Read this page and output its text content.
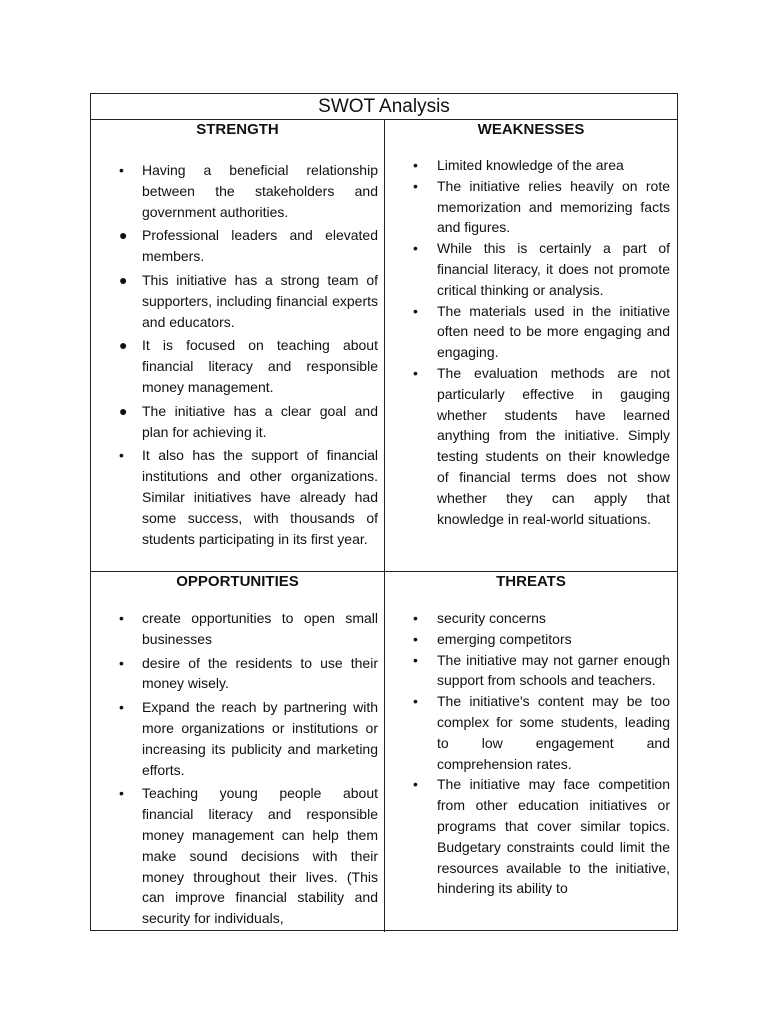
SWOT Analysis
STRENGTH
• Having a beneficial relationship between the stakeholders and government authorities.
● Professional leaders and elevated members.
● This initiative has a strong team of supporters, including financial experts and educators.
● It is focused on teaching about financial literacy and responsible money management.
● The initiative has a clear goal and plan for achieving it.
• It also has the support of financial institutions and other organizations. Similar initiatives have already had some success, with thousands of students participating in its first year.
WEAKNESSES
• Limited knowledge of the area
• The initiative relies heavily on rote memorization and memorizing facts and figures.
• While this is certainly a part of financial literacy, it does not promote critical thinking or analysis.
• The materials used in the initiative often need to be more engaging and engaging.
• The evaluation methods are not particularly effective in gauging whether students have learned anything from the initiative. Simply testing students on their knowledge of financial terms does not show whether they can apply that knowledge in real-world situations.
OPPORTUNITIES
• create opportunities to open small businesses
• desire of the residents to use their money wisely.
• Expand the reach by partnering with more organizations or institutions or increasing its publicity and marketing efforts.
• Teaching young people about financial literacy and responsible money management can help them make sound decisions with their money throughout their lives. (This can improve financial stability and security for individuals,
THREATS
• security concerns
• emerging competitors
• The initiative may not garner enough support from schools and teachers.
• The initiative's content may be too complex for some students, leading to low engagement and comprehension rates.
• The initiative may face competition from other education initiatives or programs that cover similar topics. Budgetary constraints could limit the resources available to the initiative, hindering its ability to
